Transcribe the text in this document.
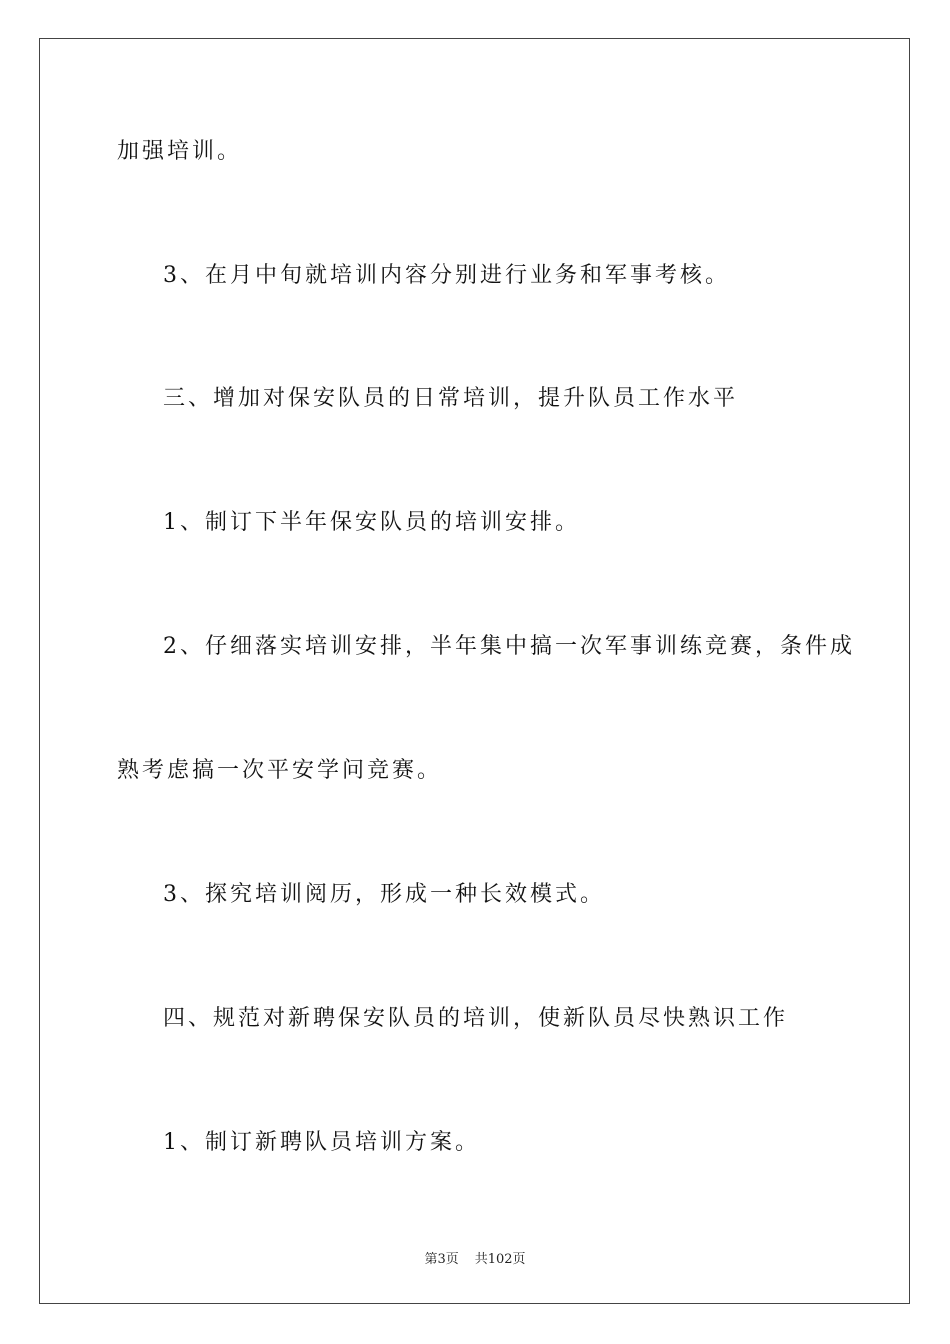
加强培训。
3、在月中旬就培训内容分别进行业务和军事考核。
三、增加对保安队员的日常培训，提升队员工作水平
1、制订下半年保安队员的培训安排。
2、仔细落实培训安排，半年集中搞一次军事训练竞赛，条件成
熟考虑搞一次平安学问竞赛。
3、探究培训阅历，形成一种长效模式。
四、规范对新聘保安队员的培训，使新队员尽快熟识工作
1、制订新聘队员培训方案。
第3页 共102页
